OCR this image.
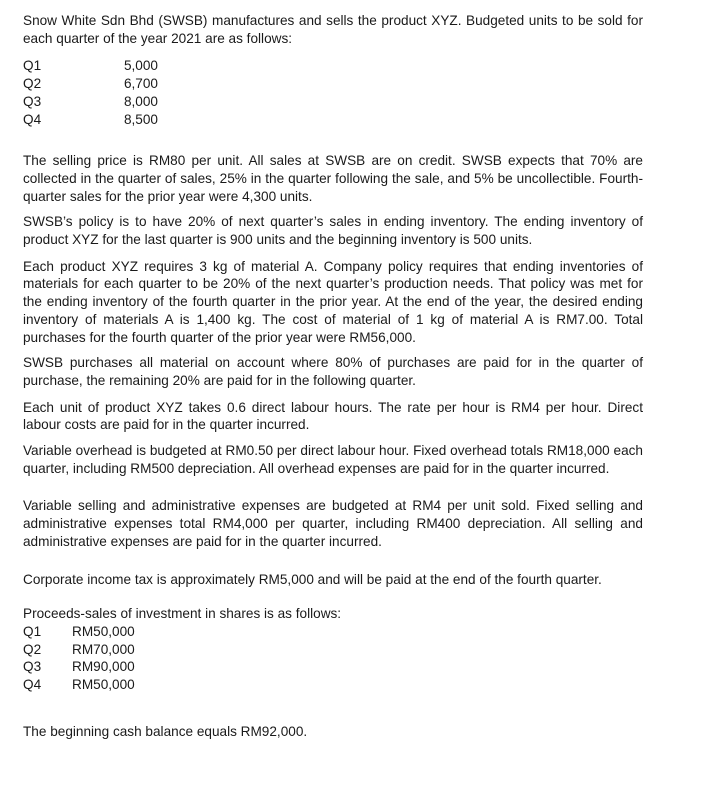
Snow White Sdn Bhd (SWSB) manufactures and sells the product XYZ. Budgeted units to be sold for each quarter of the year 2021 are as follows:

Q1	5,000
Q2	6,700
Q3	8,000
Q4	8,500

The selling price is RM80 per unit. All sales at SWSB are on credit. SWSB expects that 70% are collected in the quarter of sales, 25% in the quarter following the sale, and 5% be uncollectible. Fourth-quarter sales for the prior year were 4,300 units.

SWSB’s policy is to have 20% of next quarter’s sales in ending inventory. The ending inventory of product XYZ for the last quarter is 900 units and the beginning inventory is 500 units.

Each product XYZ requires 3 kg of material A. Company policy requires that ending inventories of materials for each quarter to be 20% of the next quarter’s production needs. That policy was met for the ending inventory of the fourth quarter in the prior year. At the end of the year, the desired ending inventory of materials A is 1,400 kg. The cost of material of 1 kg of material A is RM7.00. Total purchases for the fourth quarter of the prior year were RM56,000.

SWSB purchases all material on account where 80% of purchases are paid for in the quarter of purchase, the remaining 20% are paid for in the following quarter.

Each unit of product XYZ takes 0.6 direct labour hours. The rate per hour is RM4 per hour. Direct labour costs are paid for in the quarter incurred.

Variable overhead is budgeted at RM0.50 per direct labour hour. Fixed overhead totals RM18,000 each quarter, including RM500 depreciation. All overhead expenses are paid for in the quarter incurred.

Variable selling and administrative expenses are budgeted at RM4 per unit sold. Fixed selling and administrative expenses total RM4,000 per quarter, including RM400 depreciation. All selling and administrative expenses are paid for in the quarter incurred.

Corporate income tax is approximately RM5,000 and will be paid at the end of the fourth quarter.

Proceeds-sales of investment in shares is as follows:

Q1	RM50,000
Q2	RM70,000
Q3	RM90,000
Q4	RM50,000

The beginning cash balance equals RM92,000.
